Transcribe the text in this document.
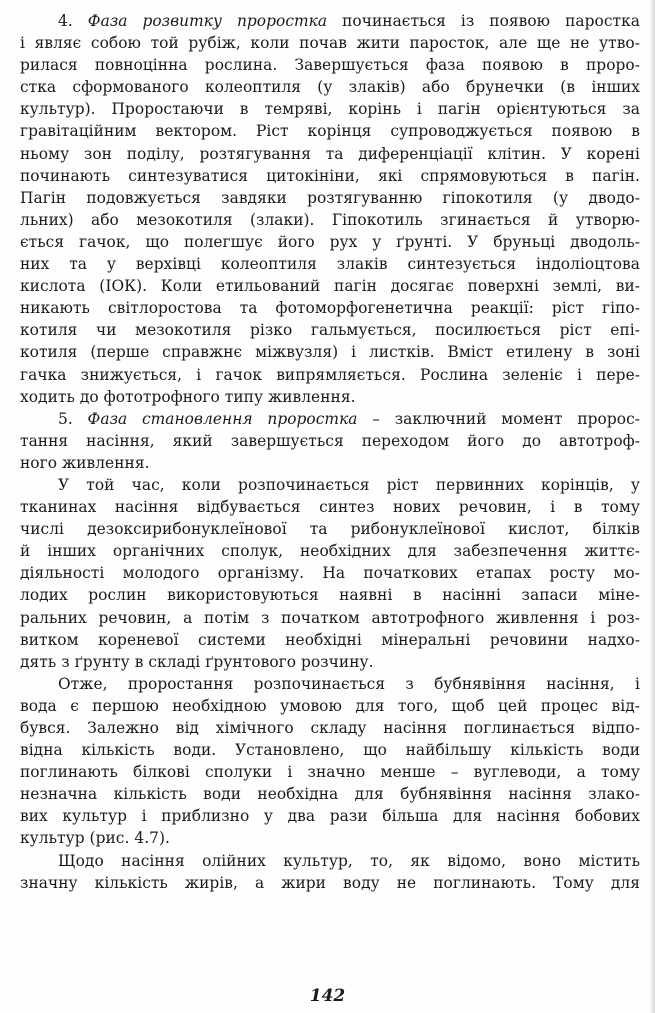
4. Фаза розвитку проростка починається із появою паростка
і являє собою той рубіж, коли почав жити паросток, але ще не утво-
рилася повноцінна рослина. Завершується фаза появою в проро-
стка сформованого колеоптиля (у злаків) або брунечки (в інших
культур). Проростаючи в темряві, корінь і пагін орієнтуються за
гравітаційним вектором. Ріст корінця супроводжується появою в
ньому зон поділу, розтягування та диференціації клітин. У корені
починають синтезуватися цитокініни, які спрямовуються в пагін.
Пагін подовжується завдяки розтягуванню гіпокотиля (у дводо-
льних) або мезокотиля (злаки). Гіпокотиль згинається й утворю-
ється гачок, що полегшує його рух у ґрунті. У бруньці дводоль-
них та у верхівці колеоптиля злаків синтезується індоліоцтова
кислота (ІОК). Коли етильований пагін досягає поверхні землі, ви-
никають світлоростова та фотоморфогенетична реакції: ріст гіпо-
котиля чи мезокотиля різко гальмується, посилюється ріст епі-
котиля (перше справжнє міжвузля) і листків. Вміст етилену в зоні
гачка знижується, і гачок випрямляється. Рослина зеленіє і пере-
ходить до фототрофного типу живлення.
5. Фаза становлення проростка – заключний момент пророс-
тання насіння, який завершується переходом його до автотроф-
ного живлення.
У той час, коли розпочинається ріст первинних корінців, у
тканинах насіння відбувається синтез нових речовин, і в тому
числі дезоксирибонуклеїнової та рибонуклеїнової кислот, білків
й інших органічних сполук, необхідних для забезпечення життє-
діяльності молодого організму. На початкових етапах росту мо-
лодих рослин використовуються наявні в насінні запаси міне-
ральних речовин, а потім з початком автотрофного живлення і роз-
витком кореневої системи необхідні мінеральні речовини надхо-
дять з ґрунту в складі ґрунтового розчину.
Отже, проростання розпочинається з бубнявіння насіння, і
вода є першою необхідною умовою для того, щоб цей процес від-
бувся. Залежно від хімічного складу насіння поглинається відпо-
відна кількість води. Установлено, що найбільшу кількість води
поглинають білкові сполуки і значно менше – вуглеводи, а тому
незначна кількість води необхідна для бубнявіння насіння злако-
вих культур і приблизно у два рази більша для насіння бобових
культур (рис. 4.7).
Щодо насіння олійних культур, то, як відомо, воно містить
значну кількість жирів, а жири воду не поглинають. Тому для
142
